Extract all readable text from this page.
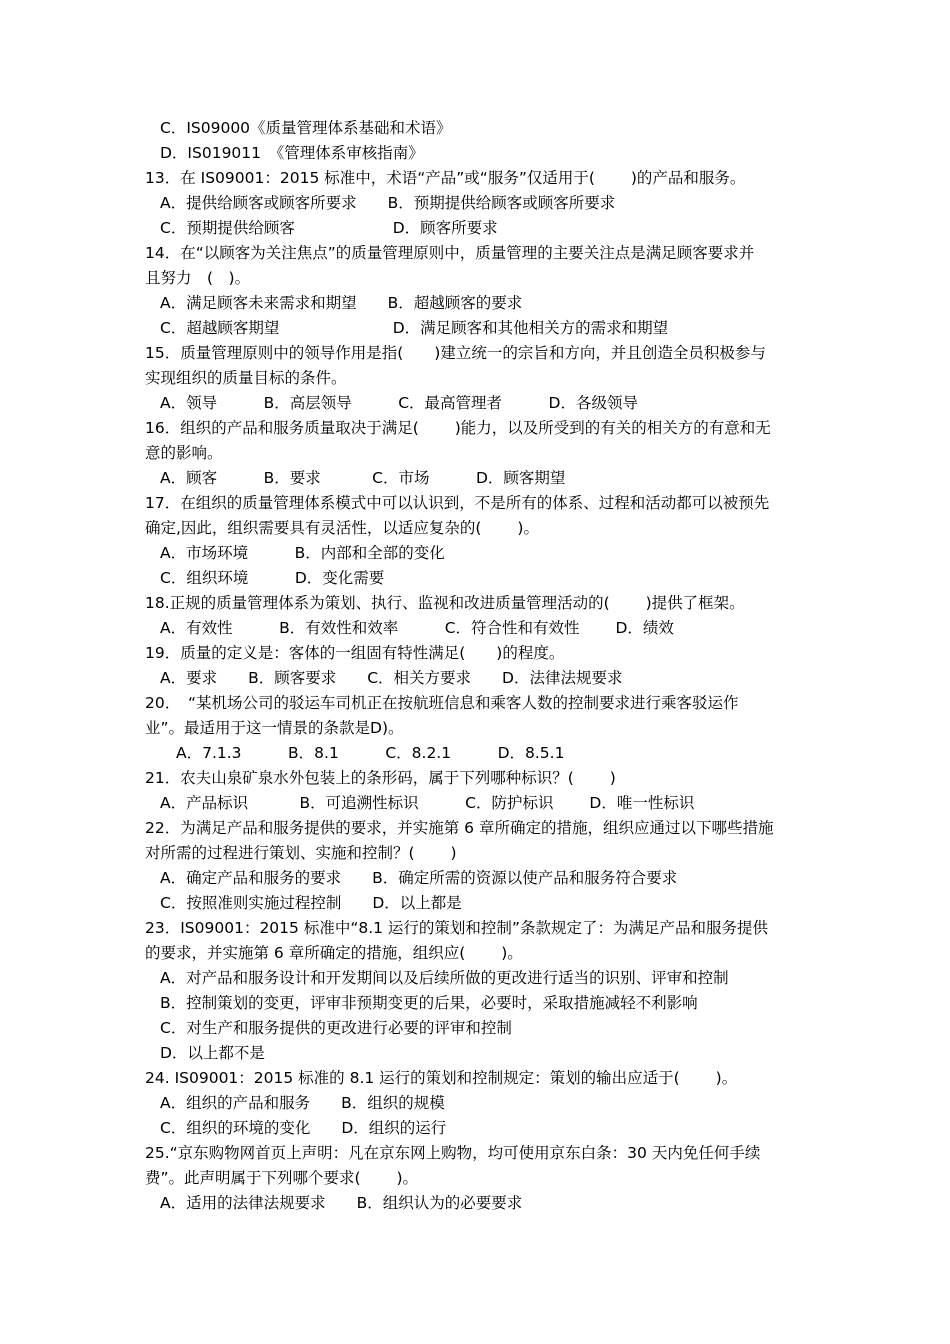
C．IS09000《质量管理体系基础和术语》
D．IS019011　《管理体系审核指南》
13．在 IS09001：2015 标准中，术语“产品”或“服务”仅适用于(　　 )的产品和服务。
A．提供给顾客或顾客所要求　　B．预期提供给顾客或顾客所要求
C．预期提供给顾客　　　　　　 D．顾客所要求
14．在“以顾客为关注焦点”的质量管理原则中，质量管理的主要关注点是满足顾客要求并
且努力　(　)。
A．满足顾客未来需求和期望　　B．超越顾客的要求
C．超越顾客期望　　　　　　　 D．满足顾客和其他相关方的需求和期望
15．质量管理原则中的领导作用是指(　　)建立统一的宗旨和方向，并且创造全员积极参与
实现组织的质量目标的条件。
A．领导　　　B．高层领导　　　C．最高管理者　　　D．各级领导
16．组织的产品和服务质量取决于满足(　　 )能力，以及所受到的有关的相关方的有意和无
意的影响。
A．顾客　　　B．要求　　　 C．市场　　　D．顾客期望
17．在组织的质量管理体系模式中可以认识到，不是所有的体系、过程和活动都可以被预先
确定,因此，组织需要具有灵活性，以适应复杂的(　　 )。
A．市场环境　　　B．内部和全部的变化
C．组织环境　　　D．变化需要
18.正规的质量管理体系为策划、执行、监视和改进质量管理活动的(　　 )提供了框架。
A．有效性　　　B．有效性和效率　　　C．符合性和有效性　　 D．绩效
19．质量的定义是：客体的一组固有特性满足(　　)的程度。
A．要求　　B．顾客要求　　C．相关方要求　　D．法律法规要求
20．　“某机场公司的驳运车司机正在按航班信息和乘客人数的控制要求进行乘客驳运作
业”。最适用于这一情景的条款是D)。
A．7.1.3　　　B．8.1　　　C．8.2.1　　　D．8.5.1
21．农夫山泉矿泉水外包装上的条形码，属于下列哪种标识？(　　 )
A．产品标识　　　 B．可追溯性标识　　　C．防护标识　　 D．唯一性标识
22．为满足产品和服务提供的要求，并实施第 6 章所确定的措施，组织应通过以下哪些措施
对所需的过程进行策划、实施和控制？(　　 )
A．确定产品和服务的要求　　B．确定所需的资源以使产品和服务符合要求
C．按照准则实施过程控制　　D．以上都是
23．IS09001：2015 标准中“8.1 运行的策划和控制”条款规定了：为满足产品和服务提供
的要求，并实施第 6 章所确定的措施，组织应(　　 )。
A．对产品和服务设计和开发期间以及后续所做的更改进行适当的识别、评审和控制
B．控制策划的变更，评审非预期变更的后果，必要时，采取措施减轻不利影响
C．对生产和服务提供的更改进行必要的评审和控制
D．以上都不是
24. IS09001：2015 标准的 8.1 运行的策划和控制规定：策划的输出应适于(　　 )。
A．组织的产品和服务　　B．组织的规模
C．组织的环境的变化　　D．组织的运行
25.“京东购物网首页上声明：凡在京东网上购物，均可使用京东白条：30 天内免任何手续
费”。此声明属于下列哪个要求(　　 )。
A．适用的法律法规要求　　B．组织认为的必要要求
